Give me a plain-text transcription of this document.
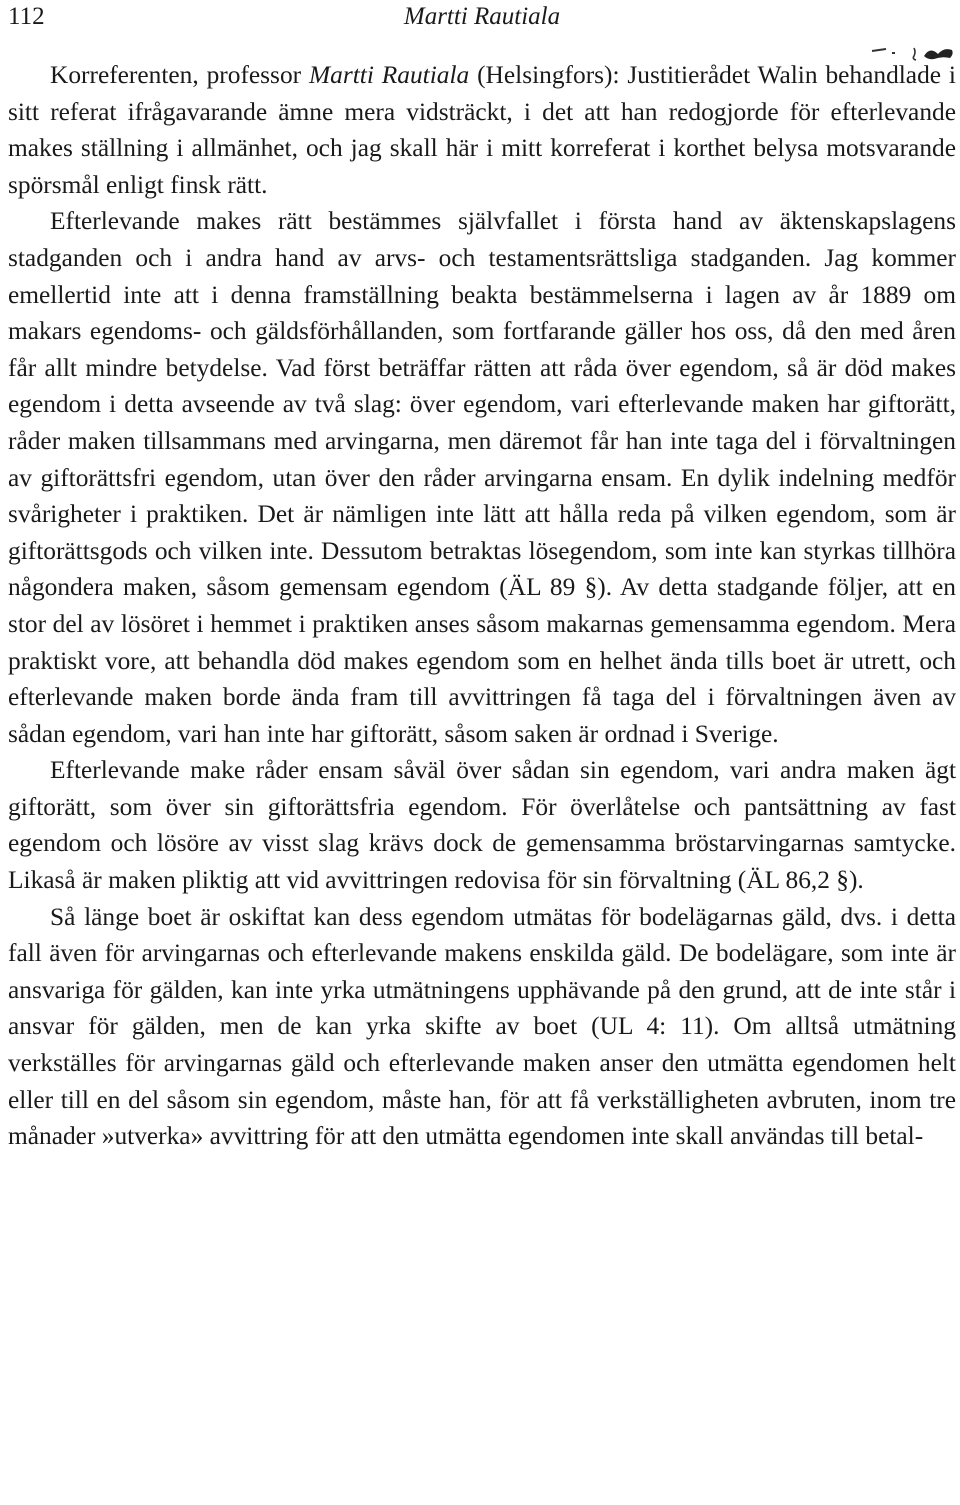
112	Martti Rautiala

Korreferenten, professor Martti Rautiala (Helsingfors): Justitierådet Walin behandlade i sitt referat ifrågavarande ämne mera vidsträckt, i det att han redogjorde för efterlevande makes ställning i allmänhet, och jag skall här i mitt korreferat i korthet belysa motsvarande spörsmål enligt finsk rätt.

Efterlevande makes rätt bestämmes självfallet i första hand av äktenskapslagens stadganden och i andra hand av arvs- och testamentsrättsliga stadganden. Jag kommer emellertid inte att i denna framställning beakta bestämmelserna i lagen av år 1889 om makars egendoms- och gäldsförhållanden, som fortfarande gäller hos oss, då den med åren får allt mindre betydelse. Vad först beträffar rätten att råda över egendom, så är död makes egendom i detta avseende av två slag: över egendom, vari efterlevande maken har giftorätt, råder maken tillsammans med arvingarna, men däremot får han inte taga del i förvaltningen av giftorättsfri egendom, utan över den råder arvingarna ensam. En dylik indelning medför svårigheter i praktiken. Det är nämligen inte lätt att hålla reda på vilken egendom, som är giftorättsgods och vilken inte. Dessutom betraktas lösegendom, som inte kan styrkas tillhöra någondera maken, såsom gemensam egendom (ÄL 89 §). Av detta stadgande följer, att en stor del av lösöret i hemmet i praktiken anses såsom makarnas gemensamma egendom. Mera praktiskt vore, att behandla död makes egendom som en helhet ända tills boet är utrett, och efterlevande maken borde ända fram till avvittringen få taga del i förvaltningen även av sådan egendom, vari han inte har giftorätt, såsom saken är ordnad i Sverige.

Efterlevande make råder ensam såväl över sådan sin egendom, vari andra maken ägt giftorätt, som över sin giftorättsfria egendom. För överlåtelse och pantsättning av fast egendom och lösöre av visst slag krävs dock de gemensamma bröstarvingarnas samtycke. Likaså är maken pliktig att vid avvittringen redovisa för sin förvaltning (ÄL 86,2 §).

Så länge boet är oskiftat kan dess egendom utmätas för bodelägarnas gäld, dvs. i detta fall även för arvingarnas och efterlevande makens enskilda gäld. De bodelägare, som inte är ansvariga för gälden, kan inte yrka utmätningens upphävande på den grund, att de inte står i ansvar för gälden, men de kan yrka skifte av boet (UL 4: 11). Om alltså utmätning verkställes för arvingarnas gäld och efterlevande maken anser den utmätta egendomen helt eller till en del såsom sin egendom, måste han, för att få verkställigheten avbruten, inom tre månader »utverka» avvittring för att den utmätta egendomen inte skall användas till betal-
